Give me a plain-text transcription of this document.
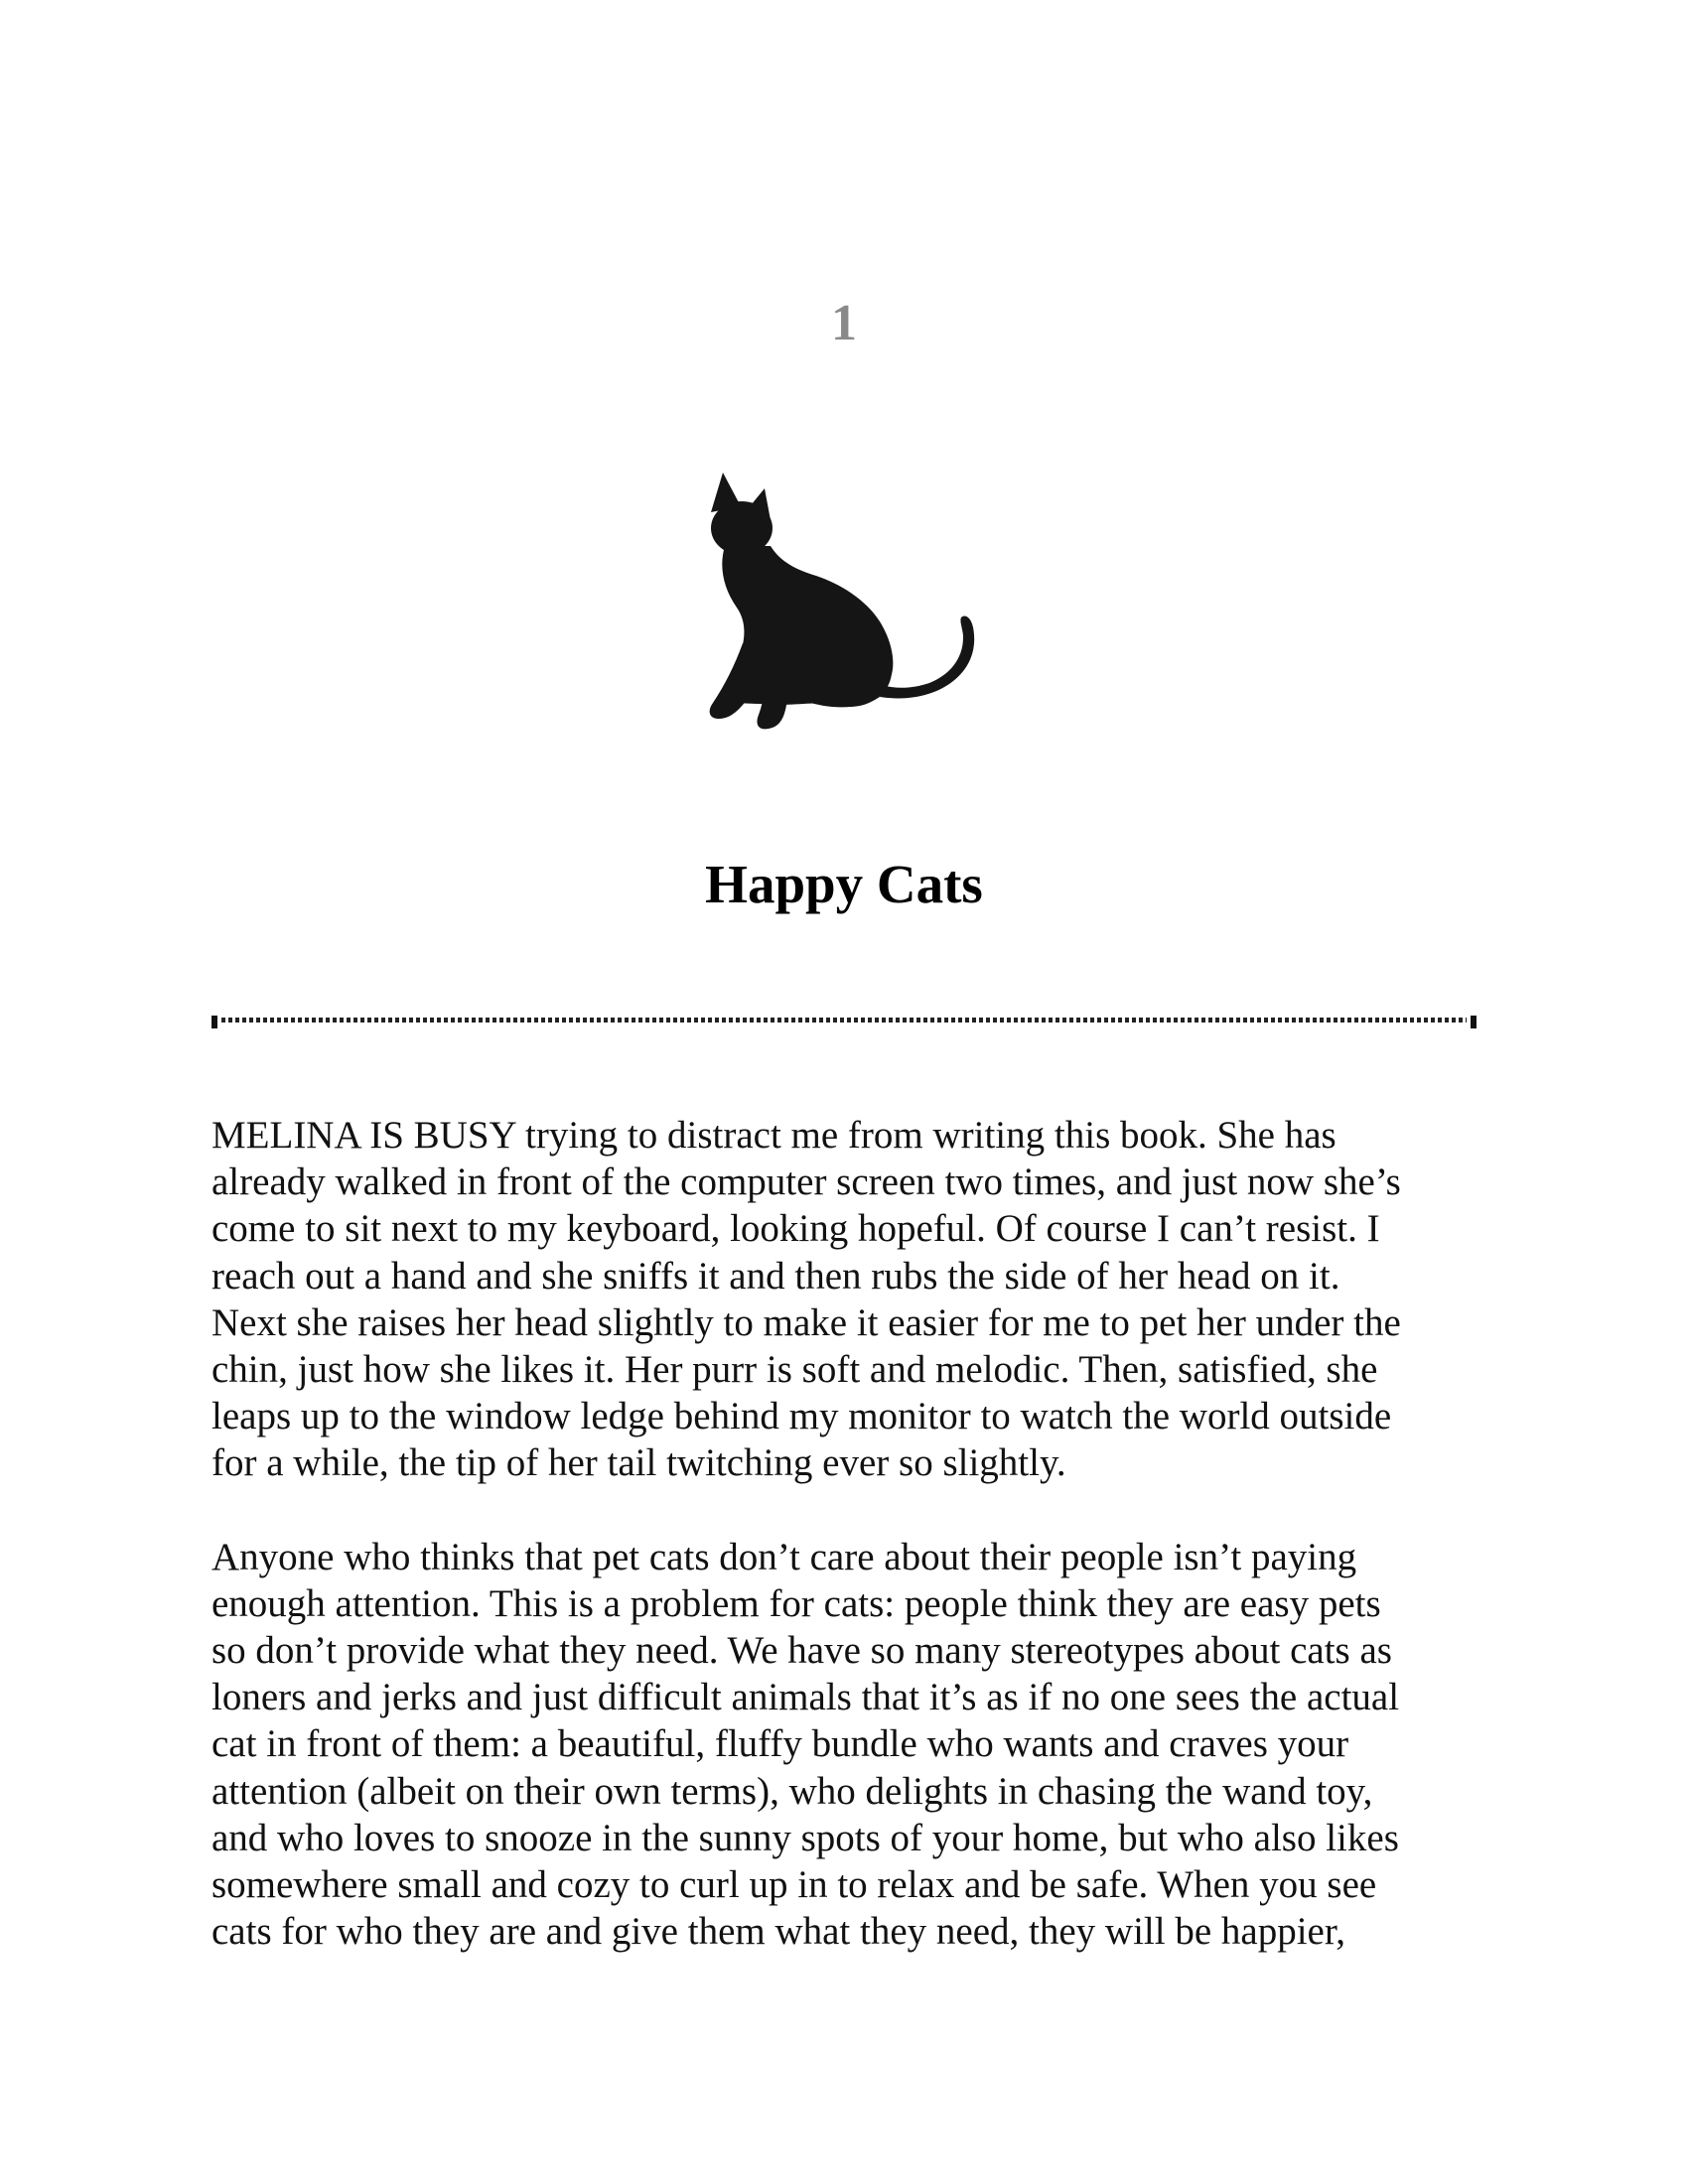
1
Happy Cats

MELINA IS BUSY trying to distract me from writing this book. She has
already walked in front of the computer screen two times, and just now she’s
come to sit next to my keyboard, looking hopeful. Of course I can’t resist. I
reach out a hand and she sniffs it and then rubs the side of her head on it.
Next she raises her head slightly to make it easier for me to pet her under the
chin, just how she likes it. Her purr is soft and melodic. Then, satisfied, she
leaps up to the window ledge behind my monitor to watch the world outside
for a while, the tip of her tail twitching ever so slightly.

Anyone who thinks that pet cats don’t care about their people isn’t paying
enough attention. This is a problem for cats: people think they are easy pets
so don’t provide what they need. We have so many stereotypes about cats as
loners and jerks and just difficult animals that it’s as if no one sees the actual
cat in front of them: a beautiful, fluffy bundle who wants and craves your
attention (albeit on their own terms), who delights in chasing the wand toy,
and who loves to snooze in the sunny spots of your home, but who also likes
somewhere small and cozy to curl up in to relax and be safe. When you see
cats for who they are and give them what they need, they will be happier,
